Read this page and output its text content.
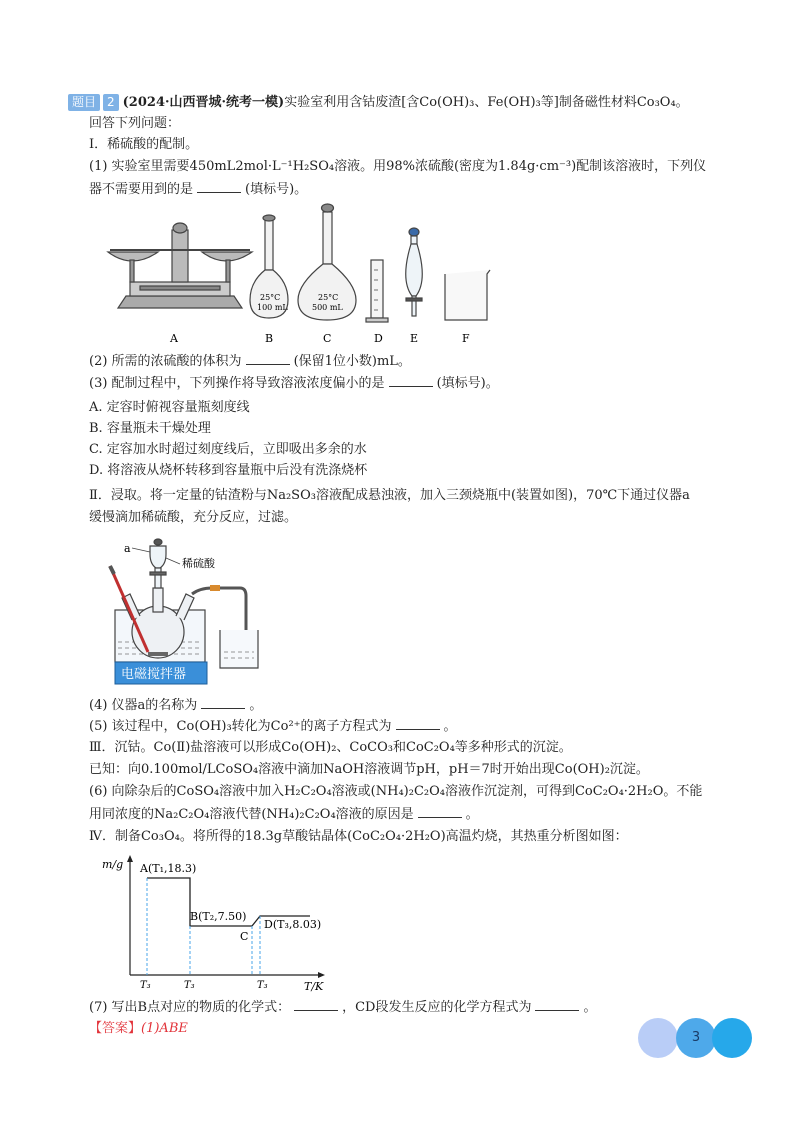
题目 2 (2024·山西晋城·统考一模)实验室利用含钴废渣[含Co(OH)₃、Fe(OH)₃等]制备磁性材料Co₃O₄。
回答下列问题：
I．稀硫酸的配制。
(1) 实验室里需要450mL2mol·L⁻¹H₂SO₄溶液。用98%浓硫酸(密度为1.84g·cm⁻³)配制该溶液时，下列仪
器不需要用到的是	(填标号)。
25°C
100 mL
25°C
500 mL
A	B	C	D E	F
(2) 所需的浓硫酸的体积为	(保留1位小数)mL。
(3) 配制过程中，下列操作将导致溶液浓度偏小的是	(填标号)。
A. 定容时俯视容量瓶刻度线
B. 容量瓶未干燥处理
C. 定容加水时超过刻度线后，立即吸出多余的水
D. 将溶液从烧杯转移到容量瓶中后没有洗涤烧杯
Ⅱ．浸取。将一定量的钴渣粉与Na₂SO₃溶液配成悬浊液，加入三颈烧瓶中(装置如图)，70℃下通过仪器a
缓慢滴加稀硫酸，充分反应，过滤。
a
稀硫酸
电磁搅拌器
(4) 仪器a的名称为	。
(5) 该过程中，Co(OH)₃转化为Co²⁺的离子方程式为	。
Ⅲ．沉钴。Co(Ⅱ)盐溶液可以形成Co(OH)₂、CoCO₃和CoC₂O₄等多种形式的沉淀。
已知：向0.100mol/LCoSO₄溶液中滴加NaOH溶液调节pH，pH＝7时开始出现Co(OH)₂沉淀。
(6) 向除杂后的CoSO₄溶液中加入H₂C₂O₄溶液或(NH₄)₂C₂O₄溶液作沉淀剂，可得到CoC₂O₄·2H₂O。不能
用同浓度的Na₂C₂O₄溶液代替(NH₄)₂C₂O₄溶液的原因是	。
Ⅳ．制备Co₃O₄。将所得的18.3g草酸钴晶体(CoC₂O₄·2H₂O)高温灼烧，其热重分析图如图：
m/g
T/K
A(T₁,18.3)
B(T₂,7.50)
C
D(T₃,8.03)
T₃	T₃	T₃
(7) 写出B点对应的物质的化学式：	，CD段发生反应的化学方程式为	。
【答案】(1)ABE
3
